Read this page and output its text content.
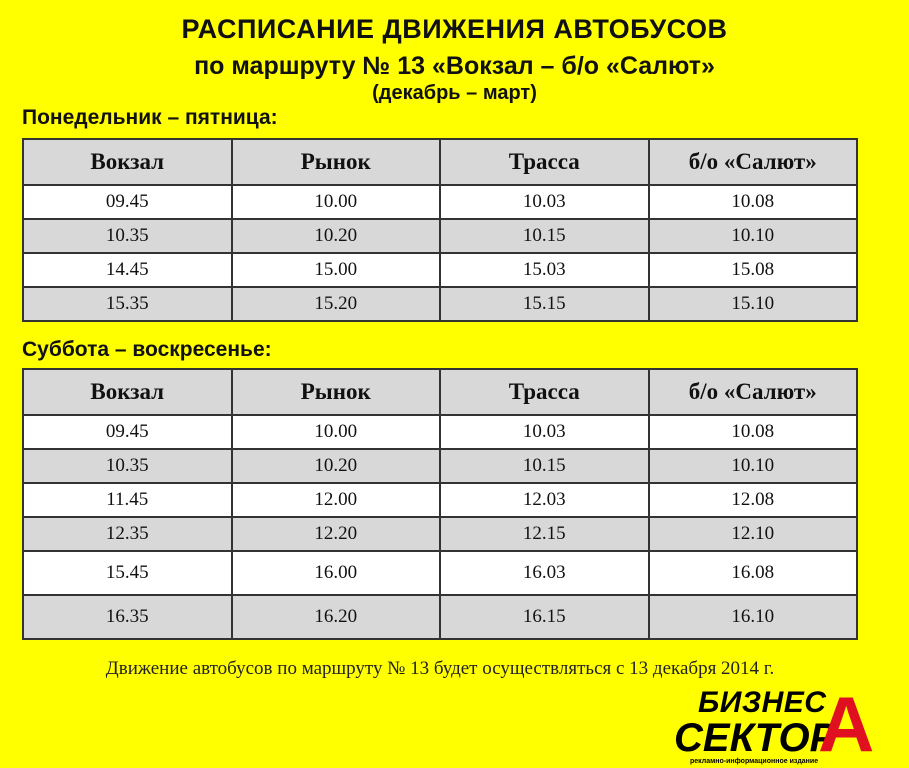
РАСПИСАНИЕ ДВИЖЕНИЯ АВТОБУСОВ
по маршруту № 13 «Вокзал – б/о «Салют»
(декабрь – март)
Понедельник – пятница:
Вокзал	Рынок	Трасса	б/о «Салют»
09.45	10.00	10.03	10.08
10.35	10.20	10.15	10.10
14.45	15.00	15.03	15.08
15.35	15.20	15.15	15.10
Суббота – воскресенье:
Вокзал	Рынок	Трасса	б/о «Салют»
09.45	10.00	10.03	10.08
10.35	10.20	10.15	10.10
11.45	12.00	12.03	12.08
12.35	12.20	12.15	12.10
15.45	16.00	16.03	16.08
16.35	16.20	16.15	16.10
Движение автобусов по маршруту № 13 будет осуществляться с 13 декабря 2014 г.
БИЗНЕС
СЕКТОР
А
рекламно-информационное издание
